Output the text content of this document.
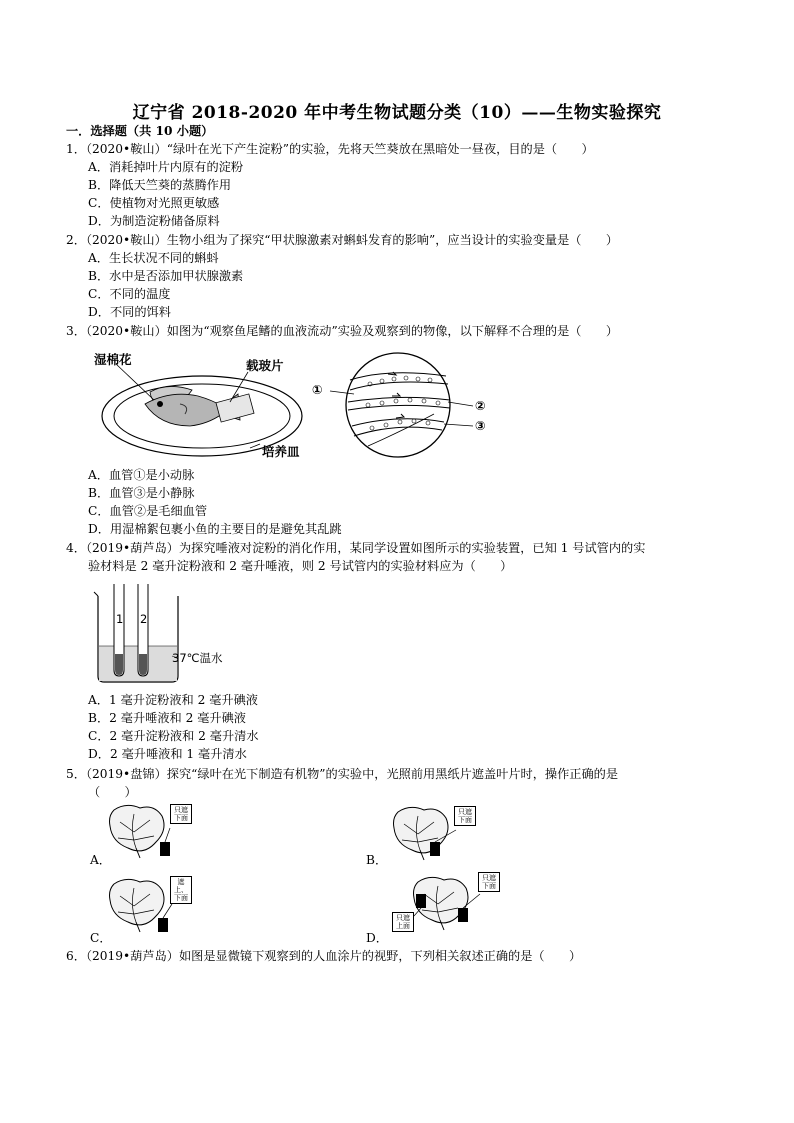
辽宁省 2018-2020 年中考生物试题分类（10）——生物实验探究
一．选择题（共 10 小题）
1．（2020•鞍山）“绿叶在光下产生淀粉”的实验，先将天竺葵放在黑暗处一昼夜，目的是（　　）
A．消耗掉叶片内原有的淀粉
B．降低天竺葵的蒸腾作用
C．使植物对光照更敏感
D．为制造淀粉储备原料
2．（2020•鞍山）生物小组为了探究“甲状腺激素对蝌蚪发育的影响”，应当设计的实验变量是（　　）
A．生长状况不同的蝌蚪
B．水中是否添加甲状腺激素
C．不同的温度
D．不同的饵料
3．（2020•鞍山）如图为“观察鱼尾鳍的血液流动”实验及观察到的物像，以下解释不合理的是（　　）
湿棉花	载玻片
培养皿
①
②
③
A．血管①是小动脉
B．血管③是小静脉
C．血管②是毛细血管
D．用湿棉絮包裹小鱼的主要目的是避免其乱跳
4．（2019•葫芦岛）为探究唾液对淀粉的消化作用，某同学设置如图所示的实验装置，已知 1 号试管内的实
验材料是 2 毫升淀粉液和 2 毫升唾液，则 2 号试管内的实验材料应为（　　）
1 2
37℃温水
A．1 毫升淀粉液和 2 毫升碘液
B．2 毫升唾液和 2 毫升碘液
C．2 毫升淀粉液和 2 毫升清水
D．2 毫升唾液和 1 毫升清水
5．（2019•盘锦）探究“绿叶在光下制造有机物”的实验中，光照前用黑纸片遮盖叶片时，操作正确的是
（　　）
只遮下面
A．
只遮下面
B．
遮上、下面
C．
只遮上面
只遮下面
D．
6．（2019•葫芦岛）如图是显微镜下观察到的人血涂片的视野，下列相关叙述正确的是（　　）
